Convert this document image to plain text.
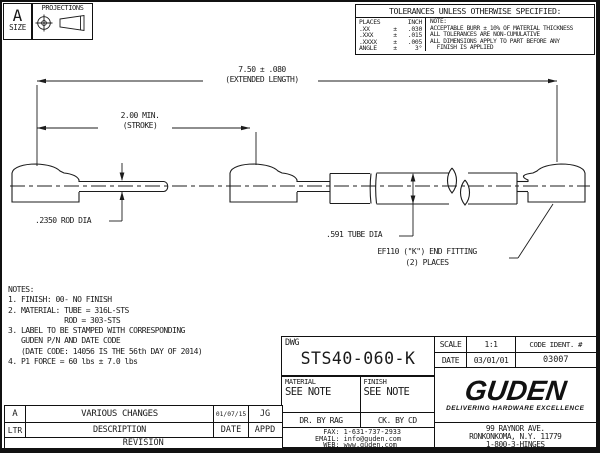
A
SIZE
PROJECTIONS	TOLERANCES UNLESS OTHERWISE SPECIFIED:
PLACES	INCH
.XX	±	.030
.XXX	±	.015
.XXXX	±	.005
ANGLE	±	3°
NOTE:
ACCEPTABLE BURR ± 10% OF MATERIAL THICKNESS
ALL TOLERANCES ARE NON-CUMULATIVE
ALL DIMENSIONS APPLY TO PART BEFORE ANY
FINISH IS APPLIED
7.50 ± .080
(EXTENDED LENGTH)
2.00 MIN.
(STROKE)
.2350 ROD DIA
.591 TUBE DIA
EF110 ("K") END FITTING
(2) PLACES
NOTES:
1. FINISH: 00- NO FINISH
2. MATERIAL: TUBE = 316L-STS
ROD = 303-STS
3. LABEL TO BE STAMPED WITH CORRESPONDING
GUDEN P/N AND DATE CODE
(DATE CODE: 14056 IS THE 56th DAY OF 2014)
4. P1 FORCE = 60 lbs ± 7.0 lbs
DWG
STS40-060-K
MATERIAL
SEE NOTE
FINISH
SEE NOTE
DR. BY RAG	CK. BY CD
FAX: 1-631-737-2933
EMAIL: info@guden.com
WEB: www.guden.com
SCALE	1:1	CODE IDENT. #
DATE	03/01/01	03007
GUDEN
DELIVERING HARDWARE EXCELLENCE
99 RAYNOR AVE.
RONKONKOMA, N.Y. 11779
1-800-3-HINGES
A	VARIOUS CHANGES	01/07/15	JG
LTR	DESCRIPTION	DATE	APPD
REVISION
